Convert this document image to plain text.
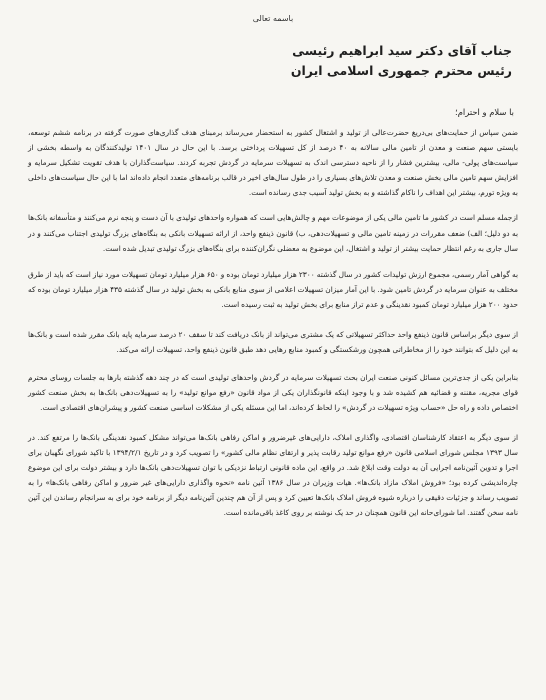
باسمه تعالی
جناب آقای دکتر سید ابراهیم رئیسی
رئیس محترم جمهوری اسلامی ایران
با سلام و احترام؛

ضمن سپاس از حمایت‌های بی‌دریغ حضرت‌عالی از تولید و اشتغال کشور به استحضار می‌رساند برمبنای هدف گذاری‌های صورت گرفته در برنامه ششم توسعه، بایستی سهم صنعت و معدن از تامین مالی سالانه به ۴۰ درصد از کل تسهیلات پرداختی برسد. با این حال در سال ۱۴۰۱ تولیدکنندگان به واسطه بخشی از سیاست‌های پولی- مالی، بیشترین فشار را از ناحیه دسترسی اندک به تسهیلات سرمایه در گردش تجربه کردند. سیاست‌گذاران با هدف تقویت تشکیل سرمایه و افزایش سهم تامین مالی بخش صنعت و معدن تلاش‌های بسیاری را در طول سال‌های اخیر در قالب برنامه‌های متعدد انجام دادەاند اما با این حال سیاست‌های داخلی به ویژه تورم، بیشتر این اهداف را ناکام گذاشته و به بخش تولید آسیب جدی رسانده است.

ازجمله مسلم است در کشور ما تامین مالی یکی از موضوعات مهم و چالش‌هایی است که همواره واحدهای تولیدی با آن دست و پنجه نرم می‌کنند و متأسفانه بانک‌ها به دو دلیل؛ الف) ضعف مقررات در زمینه تامین مالی و تسهیلات‌دهی، ب) قانون ذینفع واحد، از ارائه تسهیلات بانکی به بنگاه‌های بزرگ تولیدی اجتناب می‌کنند و در سال جاری به رغم انتظار حمایت بیشتر از تولید و اشتغال، این موضوع به معضلی نگران‌کننده برای بنگاه‌های بزرگ تولیدی تبدیل شده است.

به گواهی آمار رسمی، مجموع ارزش تولیدات کشور در سال گذشته ۲۳۰۰ هزار میلیارد تومان بوده و ۶۵۰ هزار میلیارد تومان تسهیلات مورد نیاز است که باید از طرق مختلف به عنوان سرمایه در گردش تامین شود. با این آمار میزان تسهیلات اعلامی از سوی منابع بانکی به بخش تولید در سال گذشته ۴۳۵ هزار میلیارد تومان بوده که حدود ۲۰۰ هزار میلیارد تومان کمبود نقدینگی و عدم تراز منابع برای بخش تولید به ثبت رسیده است.

از سوی دیگر براساس قانون ذینفع واحد حداکثر تسهیلاتی که یک مشتری می‌تواند از بانک دریافت کند تا سقف ۲۰ درصد سرمایه پایه بانک مقرر شده است و بانک‌ها به این دلیل که بتوانند خود را از مخاطراتی همچون ورشکستگی و کمبود منابع رهایی دهد طبق قانون ذینفع واحد، تسهیلات ارائه می‌کند.

بنابراین یکی از جدی‌ترین مسائل کنونی صنعت ایران بحث تسهیلات سرمایه در گردش واحدهای تولیدی است که در چند دهه گذشته بارها به جلسات روسای محترم قوای مجریه، مقننه و قضائیه هم کشیده شد و با وجود اینکه قانونگذاران یکی از مواد قانون «رفع موانع تولید» را به تسهیلات‌دهی بانک‌ها به بخش صنعت کشور اختصاص داده و راه حل «حساب ویژه تسهیلات در گردش» را لحاظ کرده‌اند، اما این مسئله یکی از مشکلات اساسی صنعت کشور و پیشران‌های اقتصادی است.

از سوی دیگر به اعتقاد کارشناسان اقتصادی، واگذاری املاک، دارایی‌های غیرضرور و اماکن رفاهی بانک‌ها می‌تواند مشکل کمبود نقدینگی بانک‌ها را مرتفع کند. در سال ۱۳۹۳ مجلس شورای اسلامی قانون «رفع موانع تولید رقابت پذیر و ارتقای نظام مالی کشور» را تصویب کرد و در تاریخ ۱۳۹۴/۲/۱ با تاکید شورای نگهبان برای اجرا و تدوین آئین‌نامه اجرایی آن به دولت وقت ابلاغ شد. در واقع، این ماده قانونی ارتباط نزدیکی با توان تسهیلات‌دهی بانک‌ها دارد و بیشتر دولت برای این موضوع چاره‌اندیشی کرده بود؛ «فروش املاک مازاد بانک‌ها». هیات وزیران در سال ۱۳۸۶ آئین نامه «نحوه واگذاری دارایی‌های غیر ضرور و اماکن رفاهی بانک‌ها» را به تصویب رساند و جزئیات دقیقی را درباره شیوه فروش املاک بانک‌ها تعیین کرد و پس از آن هم چندین آئین‌نامه دیگر از برنامه خود برای به سرانجام رساندن این آئین نامه سخن گفتند. اما شورای‌حانه این قانون همچنان در حد یک نوشته بر روی کاغذ باقی‌مانده است.
